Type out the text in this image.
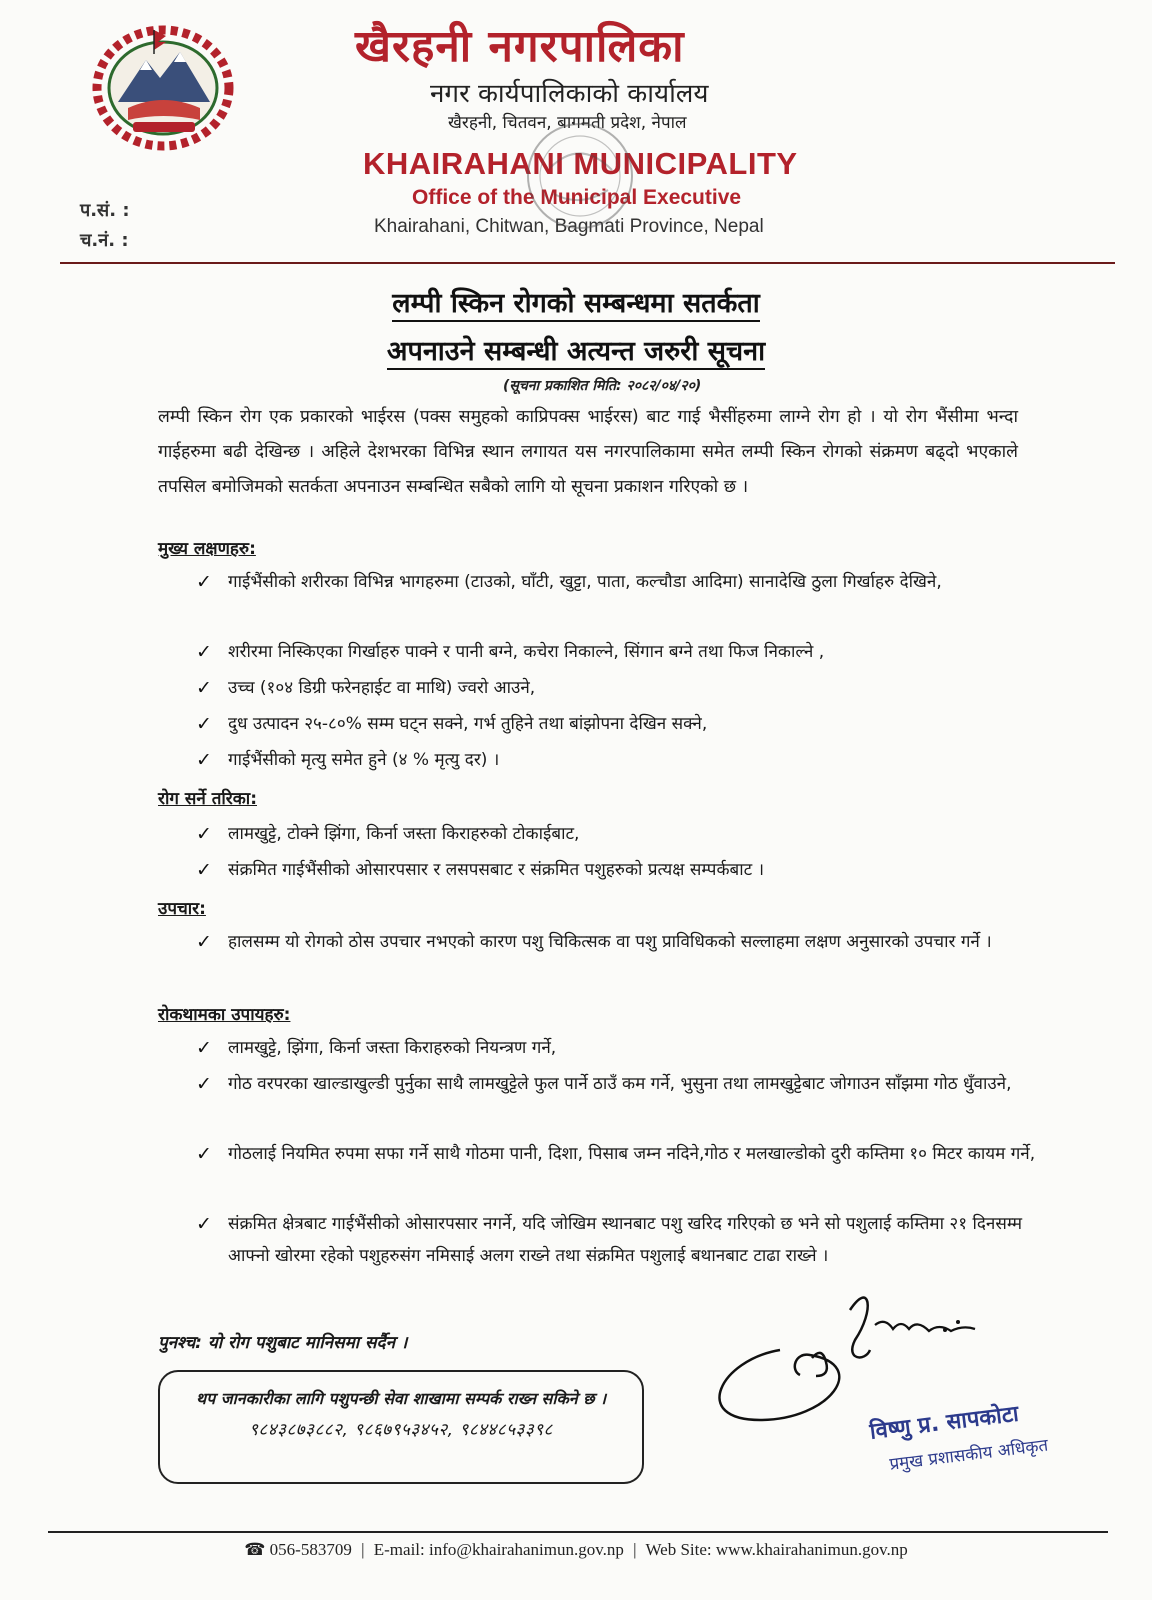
खैरहनी नगरपालिका
नगर कार्यपालिकाको कार्यालय
खैरहनी, चितवन, बागमती प्रदेश, नेपाल
KHAIRAHANI MUNICIPALITY
Office of the Municipal Executive
Khairahani, Chitwan, Bagmati Province, Nepal
प.सं. :
च.नं. :
लम्पी स्किन रोगको सम्बन्धमा सतर्कता
अपनाउने सम्बन्धी अत्यन्त जरुरी सूचना
(सूचना प्रकाशित मिति: २०८२/०४/२०)
लम्पी स्किन रोग एक प्रकारको भाईरस (पक्स समुहको काप्रिपक्स भाईरस) बाट गाई भैसींहरुमा लाग्ने रोग हो । यो रोग भैंसीमा भन्दा गाईहरुमा बढी देखिन्छ । अहिले देशभरका विभिन्न स्थान लगायत यस नगरपालिकामा समेत लम्पी स्किन रोगको संक्रमण बढ्दो भएकाले तपसिल बमोजिमको सतर्कता अपनाउन सम्बन्धित सबैको लागि यो सूचना प्रकाशन गरिएको छ ।
मुख्य लक्षणहरु:
✓ गाईभैंसीको शरीरका विभिन्न भागहरुमा (टाउको, घाँटी, खुट्टा, पाता, कल्चौडा आदिमा) सानादेखि ठुला गिर्खाहरु देखिने,
✓ शरीरमा निस्किएका गिर्खाहरु पाक्ने र पानी बग्ने, कचेरा निकाल्ने, सिंगान बग्ने तथा फिज निकाल्ने ,
✓ उच्च (१०४ डिग्री फरेनहाईट वा माथि) ज्वरो आउने,
✓ दुध उत्पादन २५-८०% सम्म घट्न सक्ने, गर्भ तुहिने तथा बांझोपना देखिन सक्ने,
✓ गाईभैंसीको मृत्यु समेत हुने (४ % मृत्यु दर) ।
रोग सर्ने तरिका:
✓ लामखुट्टे, टोक्ने झिंगा, किर्ना जस्ता किराहरुको टोकाईबाट,
✓ संक्रमित गाईभैंसीको ओसारपसार र लसपसबाट र संक्रमित पशुहरुको प्रत्यक्ष सम्पर्कबाट ।
उपचार:
✓ हालसम्म यो रोगको ठोस उपचार नभएको कारण पशु चिकित्सक वा पशु प्राविधिकको सल्लाहमा लक्षण अनुसारको उपचार गर्ने ।
रोकथामका उपायहरु:
✓ लामखुट्टे, झिंगा, किर्ना जस्ता किराहरुको नियन्त्रण गर्ने,
✓ गोठ वरपरका खाल्डाखुल्डी पुर्नुका साथै लामखुट्टेले फुल पार्ने ठाउँ कम गर्ने, भुसुना तथा लामखुट्टेबाट जोगाउन साँझमा गोठ धुँवाउने,
✓ गोठलाई नियमित रुपमा सफा गर्ने साथै गोठमा पानी, दिशा, पिसाब जम्न नदिने,गोठ र मलखाल्डोको दुरी कम्तिमा १० मिटर कायम गर्ने,
✓ संक्रमित क्षेत्रबाट गाईभैंसीको ओसारपसार नगर्ने, यदि जोखिम स्थानबाट पशु खरिद गरिएको छ भने सो पशुलाई कम्तिमा २१ दिनसम्म आफ्नो खोरमा रहेको पशुहरुसंग नमिसाई अलग राख्ने तथा संक्रमित पशुलाई बथानबाट टाढा राख्ने ।
पुनश्च: यो रोग पशुबाट मानिसमा सर्दैन ।
थप जानकारीका लागि पशुपन्छी सेवा शाखामा सम्पर्क राख्न सकिने छ ।
९८४३८७३८८२, ९८६७९५३४५२, ९८४४८५३३९८	विष्णु प्र. सापकोटा
प्रमुख प्रशासकीय अधिकृत
☎ 056-583709 | E-mail: info@khairahanimun.gov.np | Web Site: www.khairahanimun.gov.np
